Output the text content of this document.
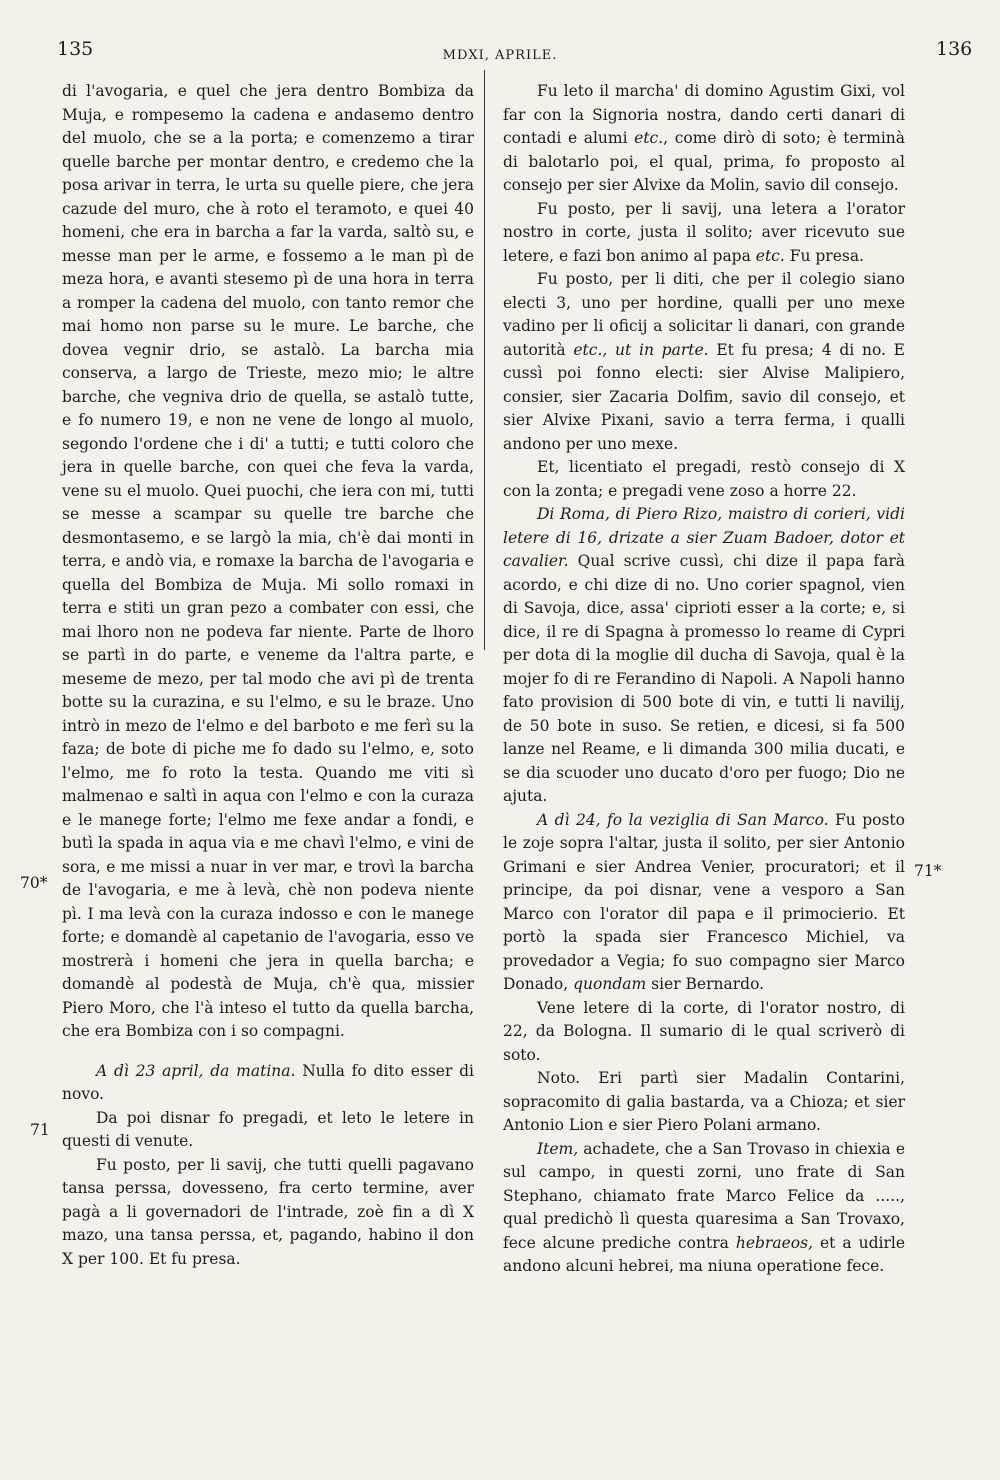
135	MDXI, APRILE.	136
70*
71
71*

di l'avogaria, e quel che jera dentro Bombiza da Muja, e rompesemo la cadena e andasemo dentro del muolo, che se a la porta; e comenzemo a tirar quelle barche per montar dentro, e credemo che la posa arivar in terra, le urta su quelle piere, che jera cazude del muro, che à roto el teramoto, e quei 40 homeni, che era in barcha a far la varda, saltò su, e messe man per le arme, e fossemo a le man pì de meza hora, e avanti stesemo pì de una hora in terra a romper la cadena del muolo, con tanto remor che mai homo non parse su le mure. Le barche, che dovea vegnir drio, se astalò. La barcha mia conserva, a largo de Trieste, mezo mio; le altre barche, che vegniva drio de quella, se astalò tutte, e fo numero 19, e non ne vene de longo al muolo, segondo l'ordene che i di' a tutti; e tutti coloro che jera in quelle barche, con quei che feva la varda, vene su el muolo. Quei puochi, che iera con mi, tutti se messe a scampar su quelle tre barche che desmontasemo, e se largò la mia, ch'è dai monti in terra, e andò via, e romaxe la barcha de l'avogaria e quella del Bombiza de Muja. Mi sollo romaxi in terra e stiti un gran pezo a combater con essi, che mai lhoro non ne podeva far niente. Parte de lhoro se partì in do parte, e veneme da l'altra parte, e meseme de mezo, per tal modo che avi pì de trenta botte su la curazina, e su l'elmo, e su le braze. Uno intrò in mezo de l'elmo e del barboto e me ferì su la faza; de bote di piche me fo dado su l'elmo, e, soto l'elmo, me fo roto la testa. Quando me viti sì malmenao e saltì in aqua con l'elmo e con la curaza e le manege forte; l'elmo me fexe andar a fondi, e butì la spada in aqua via e me chavì l'elmo, e vini de sora, e me missi a nuar in ver mar, e trovì la barcha de l'avogaria, e me à levà, chè non podeva niente pì. I ma levà con la curaza indosso e con le manege forte; e domandè al capetanio de l'avogaria, esso ve mostrerà i homeni che jera in quella barcha; e domandè al podestà de Muja, ch'è qua, missier Piero Moro, che l'à inteso el tutto da quella barcha, che era Bombiza con i so compagni.

A dì 23 april, da matina. Nulla fo dito esser di novo.

Da poi disnar fo pregadi, et leto le letere in questi di venute.

Fu posto, per li savij, che tutti quelli pagavano tansa perssa, dovesseno, fra certo termine, aver pagà a li governadori de l'intrade, zoè fin a dì X mazo, una tansa perssa, et, pagando, habino il don X per 100. Et fu presa.

Fu leto il marcha' di domino Agustim Gixi, vol far con la Signoria nostra, dando certi danari di contadi e alumi etc., come dirò di soto; è terminà di balotarlo poi, el qual, prima, fo proposto al consejo per sier Alvixe da Molin, savio dil consejo.

Fu posto, per li savij, una letera a l'orator nostro in corte, justa il solito; aver ricevuto sue letere, e fazi bon animo al papa etc. Fu presa.

Fu posto, per li diti, che per il colegio siano electi 3, uno per hordine, qualli per uno mexe vadino per li oficij a solicitar li danari, con grande autorità etc., ut in parte. Et fu presa; 4 di no. E cussì poi fonno electi: sier Alvise Malipiero, consier, sier Zacaria Dolfim, savio dil consejo, et sier Alvixe Pixani, savio a terra ferma, i qualli andono per uno mexe.

Et, licentiato el pregadi, restò consejo di X con la zonta; e pregadi vene zoso a horre 22.

Di Roma, di Piero Rizo, maistro di corieri, vidi letere di 16, drizate a sier Zuam Badoer, dotor et cavalier. Qual scrive cussì, chi dize il papa farà acordo, e chi dize di no. Uno corier spagnol, vien di Savoja, dice, assa' ciprioti esser a la corte; e, si dice, il re di Spagna à promesso lo reame di Cypri per dota di la moglie dil ducha di Savoja, qual è la mojer fo di re Ferandino di Napoli. A Napoli hanno fato provision di 500 bote di vin, e tutti li navilij, de 50 bote in suso. Se retien, e dicesi, si fa 500 lanze nel Reame, e li dimanda 300 milia ducati, e se dia scuoder uno ducato d'oro per fuogo; Dio ne ajuta.

A dì 24, fo la veziglia di San Marco. Fu posto le zoje sopra l'altar, justa il solito, per sier Antonio Grimani e sier Andrea Venier, procuratori; et il principe, da poi disnar, vene a vesporo a San Marco con l'orator dil papa e il primocierio. Et portò la spada sier Francesco Michiel, va provedador a Vegia; fo suo compagno sier Marco Donado, quondam sier Bernardo.

Vene letere di la corte, di l'orator nostro, di 22, da Bologna. Il sumario di le qual scriverò di soto.

Noto. Eri partì sier Madalin Contarini, sopracomito di galia bastarda, va a Chioza; et sier Antonio Lion e sier Piero Polani armano.

Item, achadete, che a San Trovaso in chiexia e sul campo, in questi zorni, uno frate di San Stephano, chiamato frate Marco Felice da ....., qual predichò lì questa quaresima a San Trovaxo, fece alcune prediche contra hebraeos, et a udirle andono alcuni hebrei, ma niuna operatione fece.
